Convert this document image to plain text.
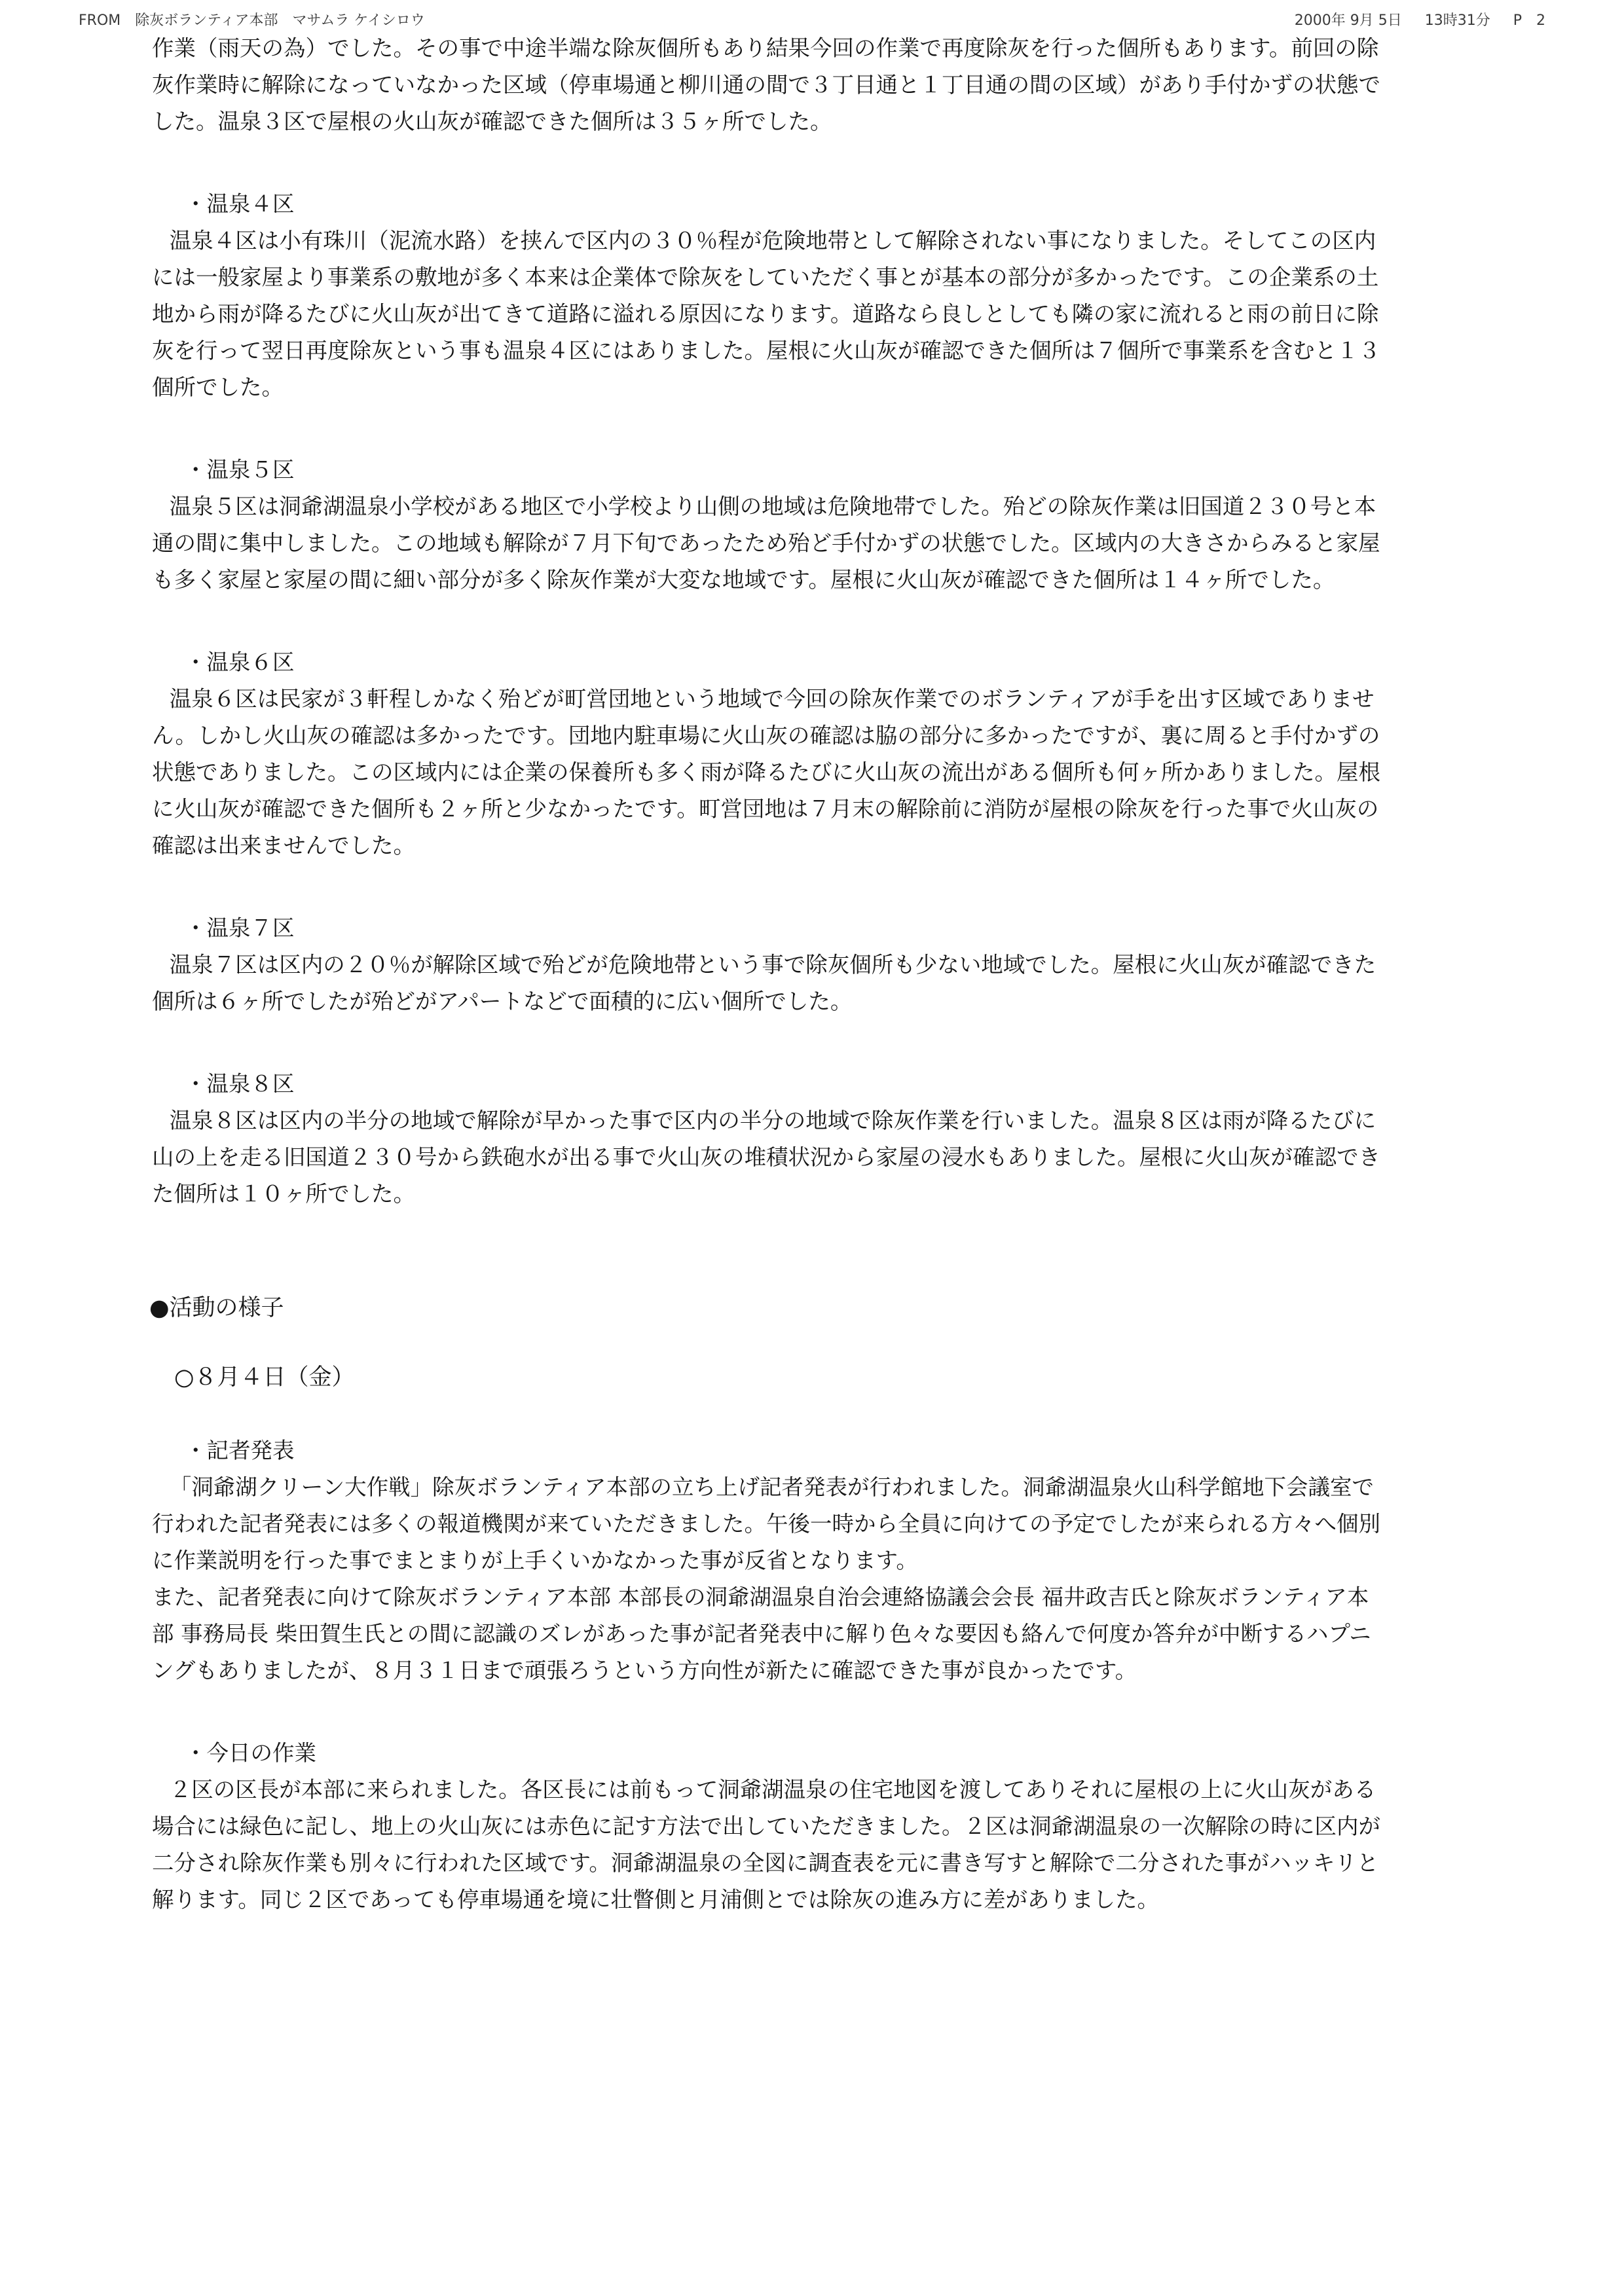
FROM　除灰ボランティア本部　マサムラ ケイシロウ	2000年 9月 5日 13時31分 P　2

作業（雨天の為）でした。その事で中途半端な除灰個所もあり結果今回の作業で再度除灰を行った個所もあります。前回の除灰作業時に解除になっていなかった区域（停車場通と柳川通の間で３丁目通と１丁目通の間の区域）があり手付かずの状態でした。温泉３区で屋根の火山灰が確認できた個所は３５ヶ所でした。

・温泉４区

温泉４区は小有珠川（泥流水路）を挟んで区内の３０％程が危険地帯として解除されない事になりました。そしてこの区内には一般家屋より事業系の敷地が多く本来は企業体で除灰をしていただく事とが基本の部分が多かったです。この企業系の土地から雨が降るたびに火山灰が出てきて道路に溢れる原因になります。道路なら良しとしても隣の家に流れると雨の前日に除灰を行って翌日再度除灰という事も温泉４区にはありました。屋根に火山灰が確認できた個所は７個所で事業系を含むと１３個所でした。

・温泉５区

温泉５区は洞爺湖温泉小学校がある地区で小学校より山側の地域は危険地帯でした。殆どの除灰作業は旧国道２３０号と本通の間に集中しました。この地域も解除が７月下旬であったため殆ど手付かずの状態でした。区域内の大きさからみると家屋も多く家屋と家屋の間に細い部分が多く除灰作業が大変な地域です。屋根に火山灰が確認できた個所は１４ヶ所でした。

・温泉６区

温泉６区は民家が３軒程しかなく殆どが町営団地という地域で今回の除灰作業でのボランティアが手を出す区域でありません。しかし火山灰の確認は多かったです。団地内駐車場に火山灰の確認は脇の部分に多かったですが、裏に周ると手付かずの状態でありました。この区域内には企業の保養所も多く雨が降るたびに火山灰の流出がある個所も何ヶ所かありました。屋根に火山灰が確認できた個所も２ヶ所と少なかったです。町営団地は７月末の解除前に消防が屋根の除灰を行った事で火山灰の確認は出来ませんでした。

・温泉７区

温泉７区は区内の２０％が解除区域で殆どが危険地帯という事で除灰個所も少ない地域でした。屋根に火山灰が確認できた個所は６ヶ所でしたが殆どがアパートなどで面積的に広い個所でした。

・温泉８区

温泉８区は区内の半分の地域で解除が早かった事で区内の半分の地域で除灰作業を行いました。温泉８区は雨が降るたびに山の上を走る旧国道２３０号から鉄砲水が出る事で火山灰の堆積状況から家屋の浸水もありました。屋根に火山灰が確認できた個所は１０ヶ所でした。

●活動の様子
○８月４日（金）
・記者発表

「洞爺湖クリーン大作戦」除灰ボランティア本部の立ち上げ記者発表が行われました。洞爺湖温泉火山科学館地下会議室で行われた記者発表には多くの報道機関が来ていただきました。午後一時から全員に向けての予定でしたが来られる方々へ個別に作業説明を行った事でまとまりが上手くいかなかった事が反省となります。

また、記者発表に向けて除灰ボランティア本部 本部長の洞爺湖温泉自治会連絡協議会会長 福井政吉氏と除灰ボランティア本部 事務局長 柴田賀生氏との間に認識のズレがあった事が記者発表中に解り色々な要因も絡んで何度か答弁が中断するハプニングもありましたが、８月３１日まで頑張ろうという方向性が新たに確認できた事が良かったです。

・今日の作業

２区の区長が本部に来られました。各区長には前もって洞爺湖温泉の住宅地図を渡してありそれに屋根の上に火山灰がある場合には緑色に記し、地上の火山灰には赤色に記す方法で出していただきました。２区は洞爺湖温泉の一次解除の時に区内が二分され除灰作業も別々に行われた区域です。洞爺湖温泉の全図に調査表を元に書き写すと解除で二分された事がハッキリと解ります。同じ２区であっても停車場通を境に壮瞥側と月浦側とでは除灰の進み方に差がありました。
